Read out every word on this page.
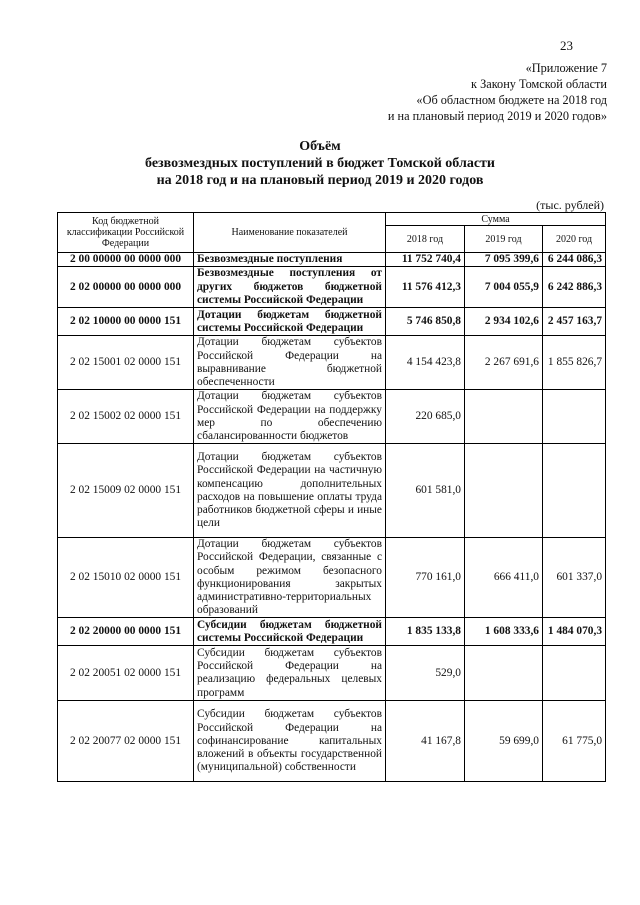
23
«Приложение 7
к Закону Томской области
«Об областном бюджете на 2018 год
и на плановый период 2019 и 2020 годов»
Объём
безвозмездных поступлений в бюджет Томской области
на 2018 год и на плановый период 2019 и 2020 годов
(тыс. рублей)
Код бюджетной классификации Российской Федерации	Наименование показателей	Сумма		
		2018 год	2019 год	2020 год
2 00 00000 00 0000 000	Безвозмездные поступления	11 752 740,4	7 095 399,6	6 244 086,3
2 02 00000 00 0000 000	Безвозмездные поступления от других бюджетов бюджетной системы Российской Федерации	11 576 412,3	7 004 055,9	6 242 886,3
2 02 10000 00 0000 151	Дотации бюджетам бюджетной системы Российской Федерации	5 746 850,8	2 934 102,6	2 457 163,7
2 02 15001 02 0000 151	Дотации бюджетам субъектов Российской Федерации на выравнивание бюджетной обеспеченности	4 154 423,8	2 267 691,6	1 855 826,7
2 02 15002 02 0000 151	Дотации бюджетам субъектов Российской Федерации на поддержку мер по обеспечению сбалансированности бюджетов	220 685,0		
2 02 15009 02 0000 151	Дотации бюджетам субъектов Российской Федерации на частичную компенсацию дополнительных расходов на повышение оплаты труда работников бюджетной сферы и иные цели	601 581,0		
2 02 15010 02 0000 151	Дотации бюджетам субъектов Российской Федерации, связанные с особым режимом безопасного функционирования закрытых административно-территориальных образований	770 161,0	666 411,0	601 337,0
2 02 20000 00 0000 151	Субсидии бюджетам бюджетной системы Российской Федерации	1 835 133,8	1 608 333,6	1 484 070,3
2 02 20051 02 0000 151	Субсидии бюджетам субъектов Российской Федерации на реализацию федеральных целевых программ	529,0		
2 02 20077 02 0000 151	Субсидии бюджетам субъектов Российской Федерации на софинансирование капитальных вложений в объекты государственной (муниципальной) собственности	41 167,8	59 699,0	61 775,0
